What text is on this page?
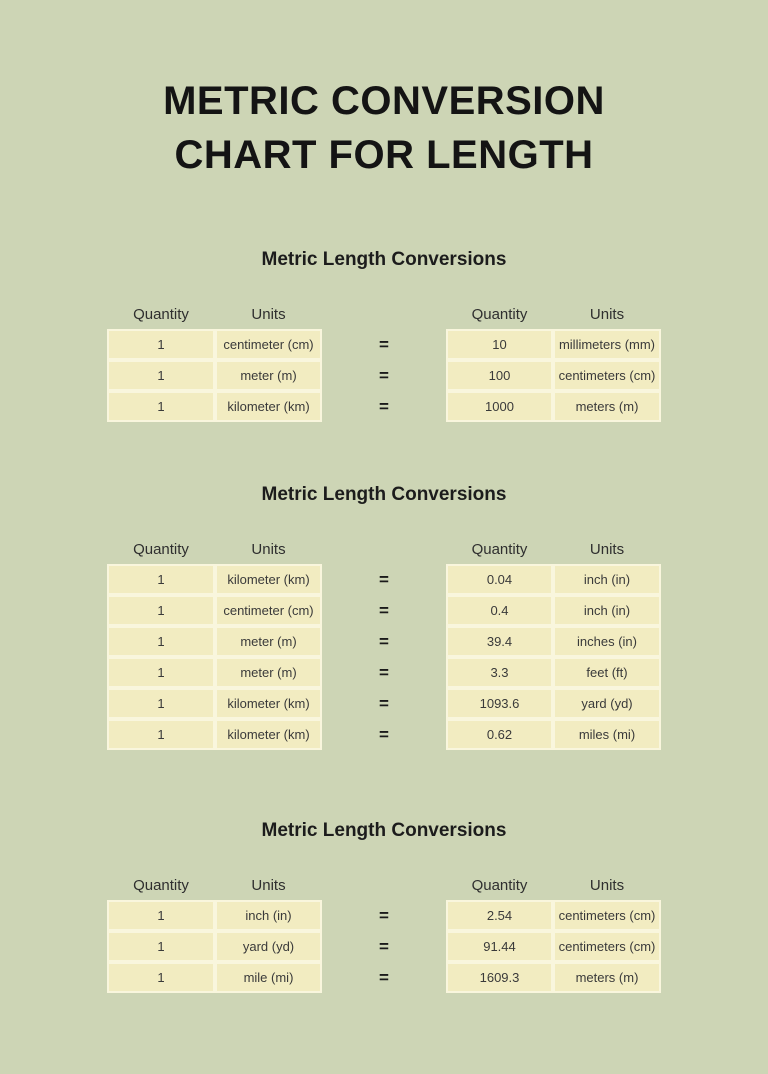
METRIC CONVERSION
CHART FOR LENGTH
Metric Length Conversions
Quantity	Units	Quantity	Units
1	centimeter (cm)	=	10	millimeters (mm)
1	meter (m)	=	100	centimeters (cm)
1	kilometer (km)	=	1000	meters (m)
Metric Length Conversions
Quantity	Units	Quantity	Units
1	kilometer (km)	=	0.04	inch (in)
1	centimeter (cm)	=	0.4	inch (in)
1	meter (m)	=	39.4	inches (in)
1	meter (m)	=	3.3	feet (ft)
1	kilometer (km)	=	1093.6	yard (yd)
1	kilometer (km)	=	0.62	miles (mi)
Metric Length Conversions
Quantity	Units	Quantity	Units
1	inch (in)	=	2.54	centimeters (cm)
1	yard (yd)	=	91.44	centimeters (cm)
1	mile (mi)	=	1609.3	meters (m)
